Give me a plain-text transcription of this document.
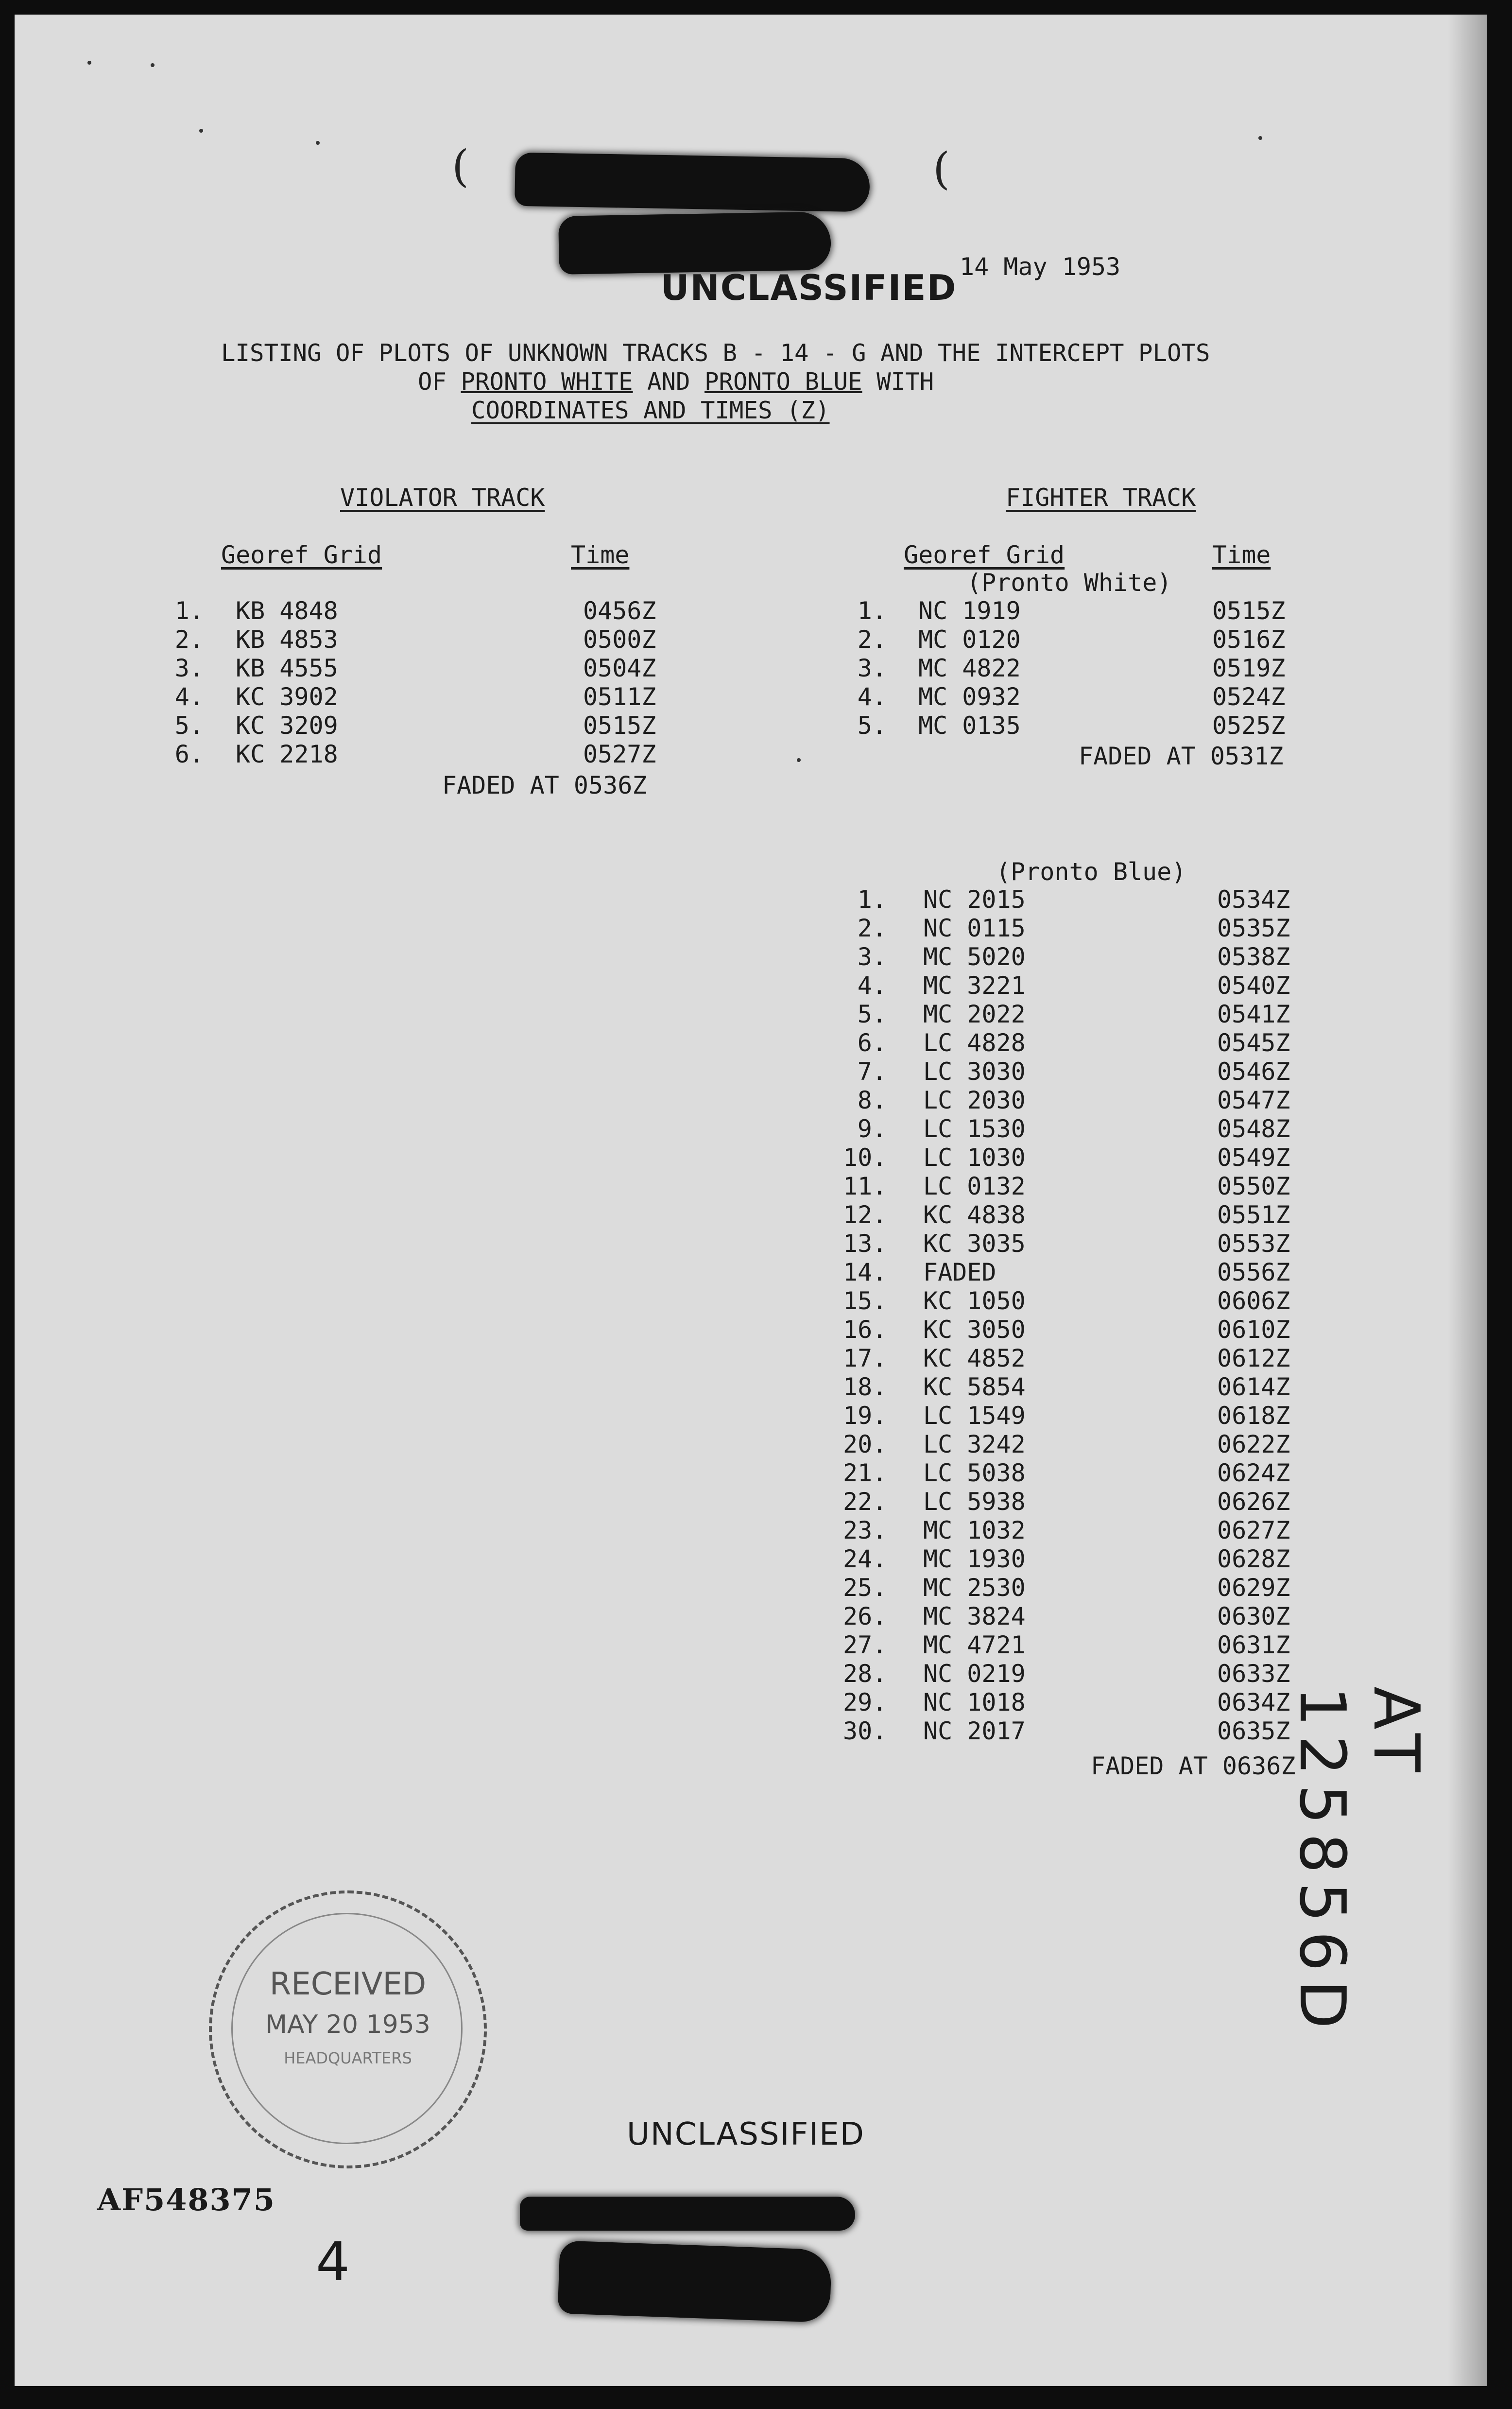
(	(
UNCLASSIFIED
14 May 1953
LISTING OF PLOTS OF UNKNOWN TRACKS B - 14 - G AND THE INTERCEPT PLOTS
OF PRONTO WHITE AND PRONTO BLUE WITH
COORDINATES AND TIMES (Z)
VIOLATOR TRACK
Georef Grid	Time
1. KB 4848	0456Z
2. KB 4853	0500Z
3. KB 4555	0504Z
4. KC 3902	0511Z
5. KC 3209	0515Z
6. KC 2218	0527Z
FADED AT 0536Z
FIGHTER TRACK
Georef Grid	Time
(Pronto White)
1. NC 1919	0515Z
2. MC 0120	0516Z
3. MC 4822	0519Z
4. MC 0932	0524Z
5. MC 0135	0525Z
FADED AT 0531Z
(Pronto Blue)
1. NC 2015	0534Z
2. NC 0115	0535Z
3. MC 5020	0538Z
4. MC 3221	0540Z
5. MC 2022	0541Z
6. LC 4828	0545Z
7. LC 3030	0546Z
8. LC 2030	0547Z
9. LC 1530	0548Z
10. LC 1030	0549Z
11. LC 0132	0550Z
12. KC 4838	0551Z
13. KC 3035	0553Z
14. FADED	0556Z
15. KC 1050	0606Z
16. KC 3050	0610Z
17. KC 4852	0612Z
18. KC 5854	0614Z
19. LC 1549	0618Z
20. LC 3242	0622Z
21. LC 5038	0624Z
22. LC 5938	0626Z
23. MC 1032	0627Z
24. MC 1930	0628Z
25. MC 2530	0629Z
26. MC 3824	0630Z
27. MC 4721	0631Z
28. NC 0219	0633Z
29. NC 1018	0634Z
30. NC 2017	0635Z
FADED AT 0636Z
RECEIVED
MAY 20 1953
HEADQUARTERS
AT 125856D
UNCLASSIFIED
AF548375
4
